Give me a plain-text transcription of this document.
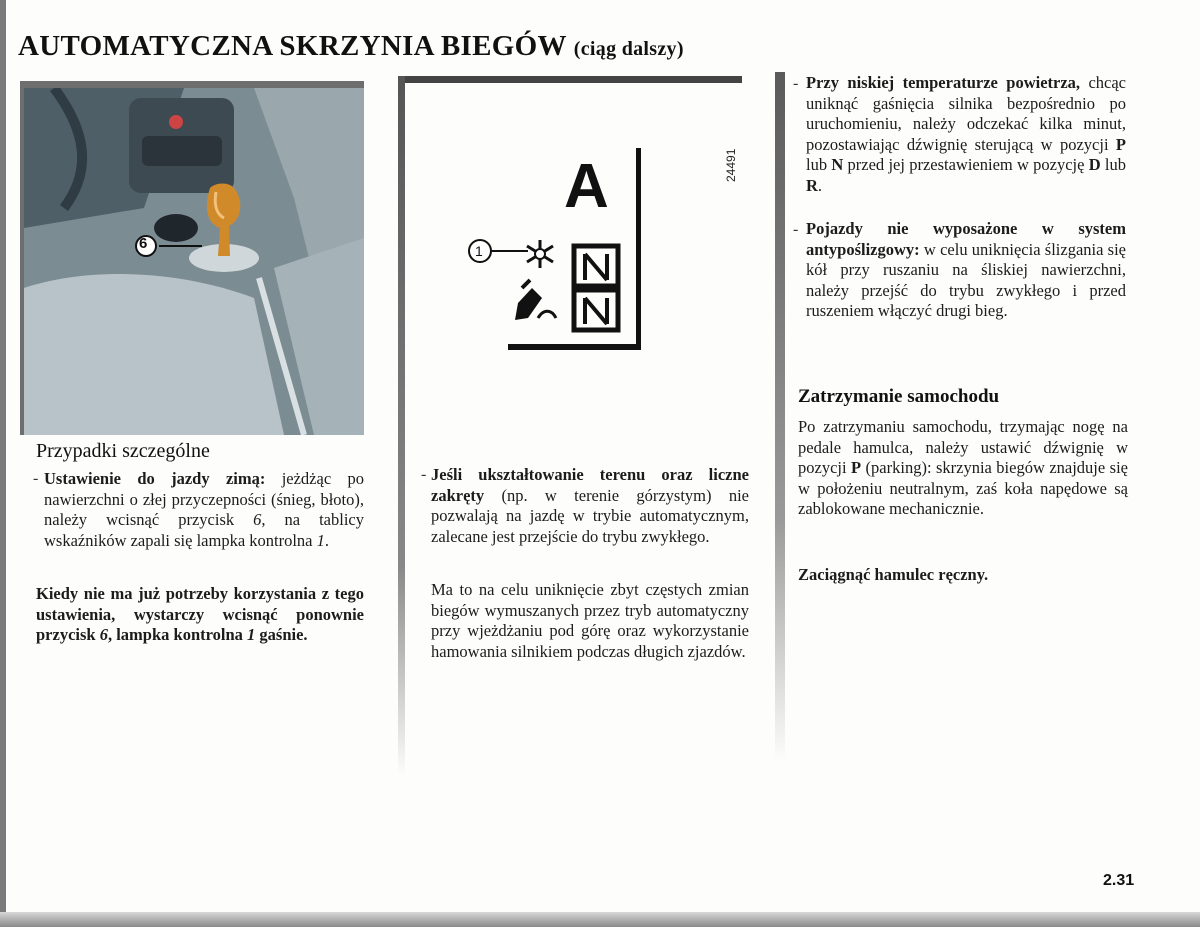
AUTOMATYCZNA SKRZYNIA BIEGÓW (ciąg dalszy)
6
24491
A
1
Przypadki szczególne
- Ustawienie do jazdy zimą: jeżdżąc po nawierzchni o złej przyczepności (śnieg, błoto), należy wcisnąć przycisk 6, na tablicy wskaźników zapali się lampka kontrolna 1.

Kiedy nie ma już potrzeby korzystania z tego ustawienia, wystarczy wcisnąć ponownie przycisk 6, lampka kontrolna 1 gaśnie.

- Jeśli ukształtowanie terenu oraz liczne zakręty (np. w terenie górzystym) nie pozwalają na jazdę w trybie automatycznym, zalecane jest przejście do trybu zwykłego.

Ma to na celu uniknięcie zbyt częstych zmian biegów wymuszanych przez tryb automatyczny przy wjeżdżaniu pod górę oraz wykorzystanie hamowania silnikiem podczas długich zjazdów.

- Przy niskiej temperaturze powietrza, chcąc uniknąć gaśnięcia silnika bezpośrednio po uruchomieniu, należy odczekać kilka minut, pozostawiając dźwignię sterującą w pozycji P lub N przed jej przestawieniem w pozycję D lub R.

- Pojazdy nie wyposażone w system antypoślizgowy: w celu uniknięcia ślizgania się kół przy ruszaniu na śliskiej nawierzchni, należy przejść do trybu zwykłego i przed ruszeniem włączyć drugi bieg.

Zatrzymanie samochodu

Po zatrzymaniu samochodu, trzymając nogę na pedale hamulca, należy ustawić dźwignię w pozycji P (parking): skrzynia biegów znajduje się w położeniu neutralnym, zaś koła napędowe są zablokowane mechanicznie.

Zaciągnąć hamulec ręczny.

2.31
